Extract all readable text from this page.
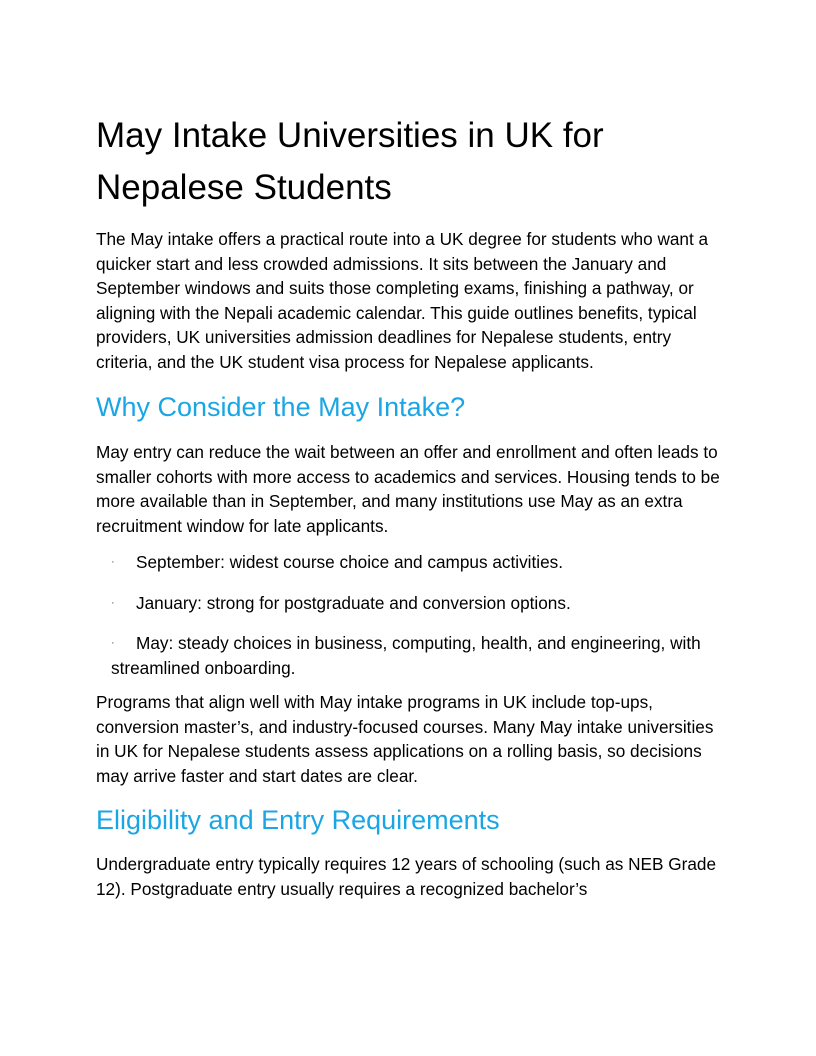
May Intake Universities in UK for Nepalese Students

The May intake offers a practical route into a UK degree for students who want a quicker start and less crowded admissions. It sits between the January and September windows and suits those completing exams, finishing a pathway, or aligning with the Nepali academic calendar. This guide outlines benefits, typical providers, UK universities admission deadlines for Nepalese students, entry criteria, and the UK student visa process for Nepalese applicants.

Why Consider the May Intake?

May entry can reduce the wait between an offer and enrollment and often leads to smaller cohorts with more access to academics and services. Housing tends to be more available than in September, and many institutions use May as an extra recruitment window for late applicants.

· September: widest course choice and campus activities.
· January: strong for postgraduate and conversion options.
· May: steady choices in business, computing, health, and engineering, with streamlined onboarding.

Programs that align well with May intake programs in UK include top-ups, conversion master’s, and industry-focused courses. Many May intake universities in UK for Nepalese students assess applications on a rolling basis, so decisions may arrive faster and start dates are clear.

Eligibility and Entry Requirements

Undergraduate entry typically requires 12 years of schooling (such as NEB Grade 12). Postgraduate entry usually requires a recognized bachelor’s
